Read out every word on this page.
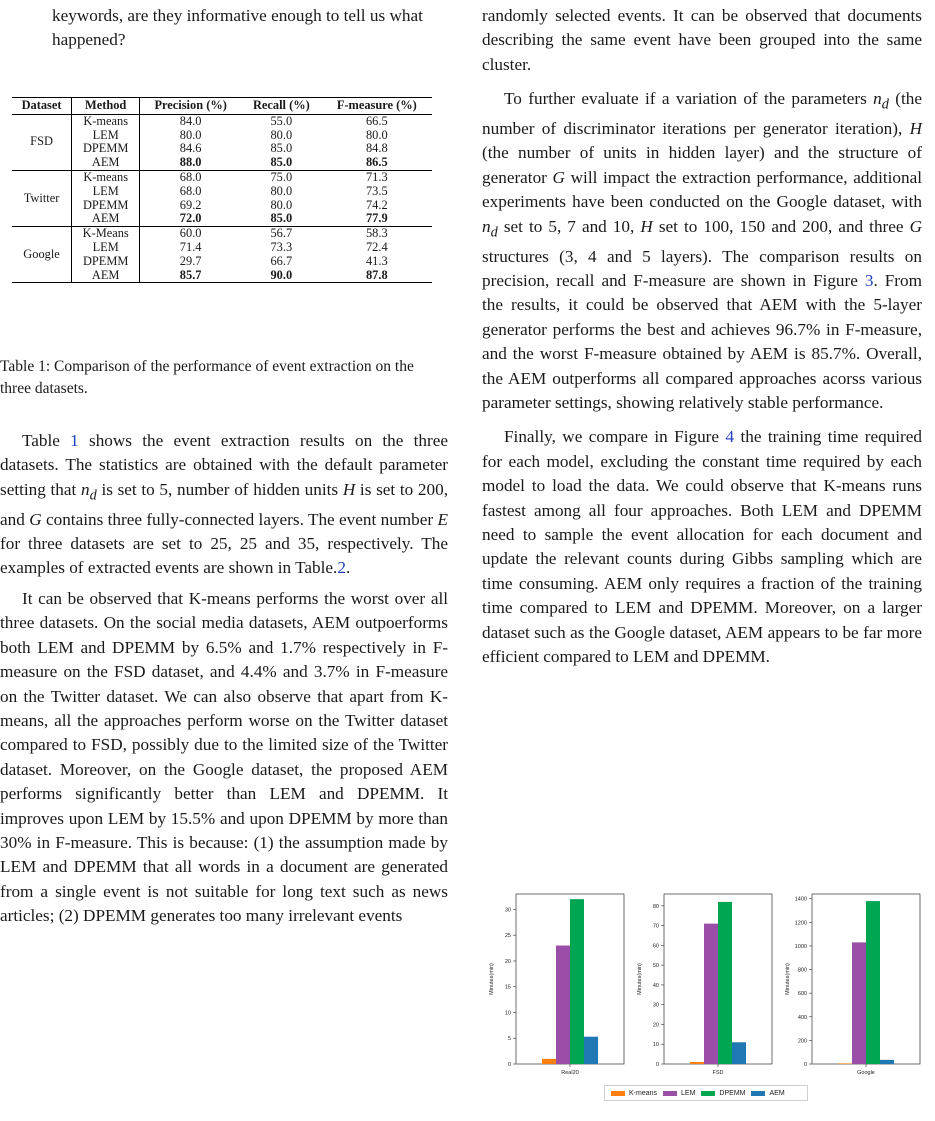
keywords, are they informative enough to tell us what happened?
Dataset	Method	Precision (%)	Recall (%)	F-measure (%)
FSD	K-means	84.0	55.0	66.5
	LEM	80.0	80.0	80.0
	DPEMM	84.6	85.0	84.8
	AEM	88.0	85.0	86.5
Twitter	K-means	68.0	75.0	71.3
	LEM	68.0	80.0	73.5
	DPEMM	69.2	80.0	74.2
	AEM	72.0	85.0	77.9
Google	K-Means	60.0	56.7	58.3
	LEM	71.4	73.3	72.4
	DPEMM	29.7	66.7	41.3
	AEM	85.7	90.0	87.8
Table 1: Comparison of the performance of event extraction on the three datasets.

Table 1 shows the event extraction results on the three datasets. The statistics are obtained with the default parameter setting that $n_d$ is set to 5, number of hidden units H is set to 200, and G contains three fully-connected layers. The event number E for three datasets are set to 25, 25 and 35, respectively. The examples of extracted events are shown in Table.2.

It can be observed that K-means performs the worst over all three datasets. On the social media datasets, AEM outpoerforms both LEM and DPEMM by 6.5% and 1.7% respectively in F-measure on the FSD dataset, and 4.4% and 3.7% in F-measure on the Twitter dataset. We can also observe that apart from K-means, all the approaches perform worse on the Twitter dataset compared to FSD, possibly due to the limited size of the Twitter dataset. Moreover, on the Google dataset, the proposed AEM performs significantly better than LEM and DPEMM. It improves upon LEM by 15.5% and upon DPEMM by more than 30% in F-measure. This is because: (1) the assumption made by LEM and DPEMM that all words in a document are generated from a single event is not suitable for long text such as news articles; (2) DPEMM generates too many irrelevant events

randomly selected events. It can be observed that documents describing the same event have been grouped into the same cluster.

To further evaluate if a variation of the parameters $n_d$ (the number of discriminator iterations per generator iteration), H (the number of units in hidden layer) and the structure of generator G will impact the extraction performance, additional experiments have been conducted on the Google dataset, with $n_d$ set to 5, 7 and 10, H set to 100, 150 and 200, and three G structures (3, 4 and 5 layers). The comparison results on precision, recall and F-measure are shown in Figure 3. From the results, it could be observed that AEM with the 5-layer generator performs the best and achieves 96.7% in F-measure, and the worst F-measure obtained by AEM is 85.7%. Overall, the AEM outperforms all compared approaches acorss various parameter settings, showing relatively stable performance.

Finally, we compare in Figure 4 the training time required for each model, excluding the constant time required by each model to load the data. We could observe that K-means runs fastest among all four approaches. Both LEM and DPEMM need to sample the event allocation for each document and update the relevant counts during Gibbs sampling which are time consuming. AEM only requires a fraction of the training time compared to LEM and DPEMM. Moreover, on a larger dataset such as the Google dataset, AEM appears to be far more efficient compared to LEM and DPEMM.

0
5
10
15
20
25
30
Minutes(min)
Real20
0
10
20
30
40
50
60
70
80
Minutes(min)
FSD
0
200
400
600
800
1000
1200
1400
Minutes(min)
Google
K-means	LEM	DPEMM	AEM
